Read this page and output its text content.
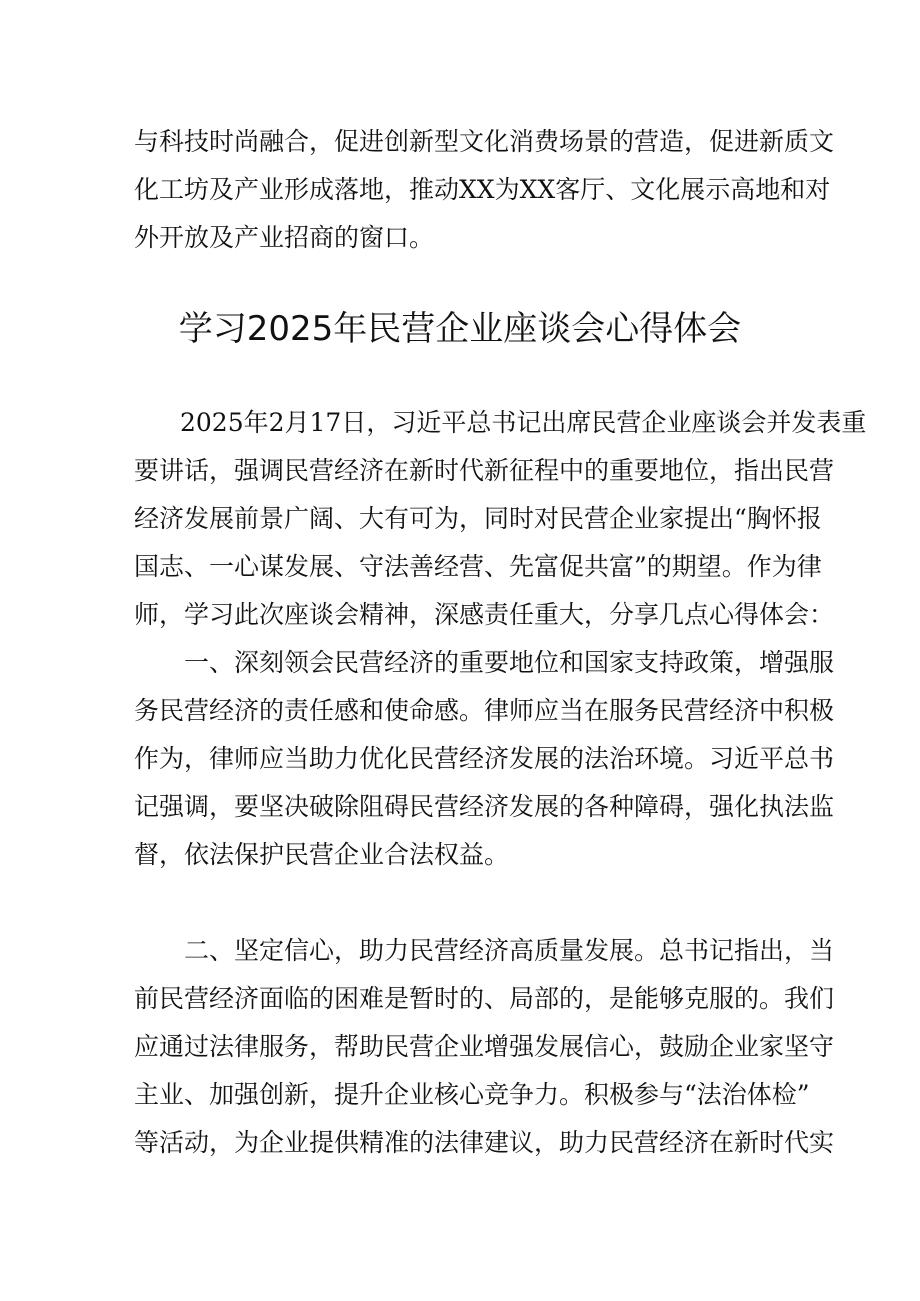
与科技时尚融合，促进创新型文化消费场景的营造，促进新质文
化工坊及产业形成落地，推动XX为XX客厅、文化展示高地和对
外开放及产业招商的窗口。
学习2025年民营企业座谈会心得体会
2025年2月17日，习近平总书记出席民营企业座谈会并发表重
要讲话，强调民营经济在新时代新征程中的重要地位，指出民营
经济发展前景广阔、大有可为，同时对民营企业家提出“胸怀报
国志、一心谋发展、守法善经营、先富促共富”的期望。作为律
师，学习此次座谈会精神，深感责任重大，分享几点心得体会：
一、深刻领会民营经济的重要地位和国家支持政策，增强服
务民营经济的责任感和使命感。律师应当在服务民营经济中积极
作为，律师应当助力优化民营经济发展的法治环境。习近平总书
记强调，要坚决破除阻碍民营经济发展的各种障碍，强化执法监
督，依法保护民营企业合法权益。
二、坚定信心，助力民营经济高质量发展。总书记指出，当
前民营经济面临的困难是暂时的、局部的，是能够克服的。我们
应通过法律服务，帮助民营企业增强发展信心，鼓励企业家坚守
主业、加强创新，提升企业核心竞争力。积极参与“法治体检”
等活动，为企业提供精准的法律建议，助力民营经济在新时代实
